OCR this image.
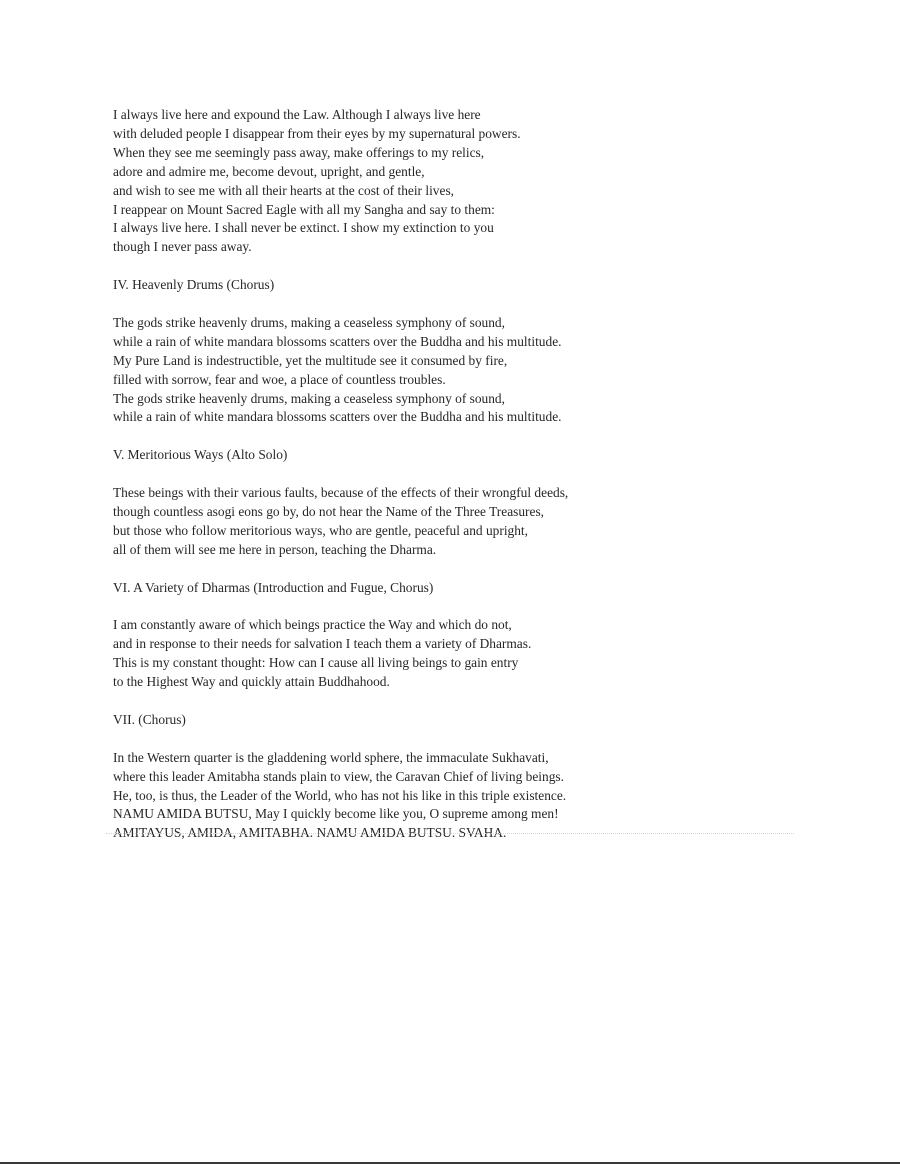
I always live here and expound the Law. Although I always live here
with deluded people I disappear from their eyes by my supernatural powers.
When they see me seemingly pass away, make offerings to my relics,
adore and admire me, become devout, upright, and gentle,
and wish to see me with all their hearts at the cost of their lives,
I reappear on Mount Sacred Eagle with all my Sangha and say to them:
I always live here. I shall never be extinct. I show my extinction to you
though I never pass away.
IV. Heavenly Drums (Chorus)
The gods strike heavenly drums, making a ceaseless symphony of sound,
while a rain of white mandara blossoms scatters over the Buddha and his multitude.
My Pure Land is indestructible, yet the multitude see it consumed by fire,
filled with sorrow, fear and woe, a place of countless troubles.
The gods strike heavenly drums, making a ceaseless symphony of sound,
while a rain of white mandara blossoms scatters over the Buddha and his multitude.
V. Meritorious Ways (Alto Solo)
These beings with their various faults, because of the effects of their wrongful deeds,
though countless asogi eons go by, do not hear the Name of the Three Treasures,
but those who follow meritorious ways, who are gentle, peaceful and upright,
all of them will see me here in person, teaching the Dharma.
VI. A Variety of Dharmas (Introduction and Fugue, Chorus)
I am constantly aware of which beings practice the Way and which do not,
and in response to their needs for salvation I teach them a variety of Dharmas.
This is my constant thought: How can I cause all living beings to gain entry
to the Highest Way and quickly attain Buddhahood.
VII. (Chorus)
In the Western quarter is the gladdening world sphere, the immaculate Sukhavati,
where this leader Amitabha stands plain to view, the Caravan Chief of living beings.
He, too, is thus, the Leader of the World, who has not his like in this triple existence.
NAMU AMIDA BUTSU, May I quickly become like you, O supreme among men!
AMITAYUS, AMIDA, AMITABHA. NAMU AMIDA BUTSU. SVAHA.
